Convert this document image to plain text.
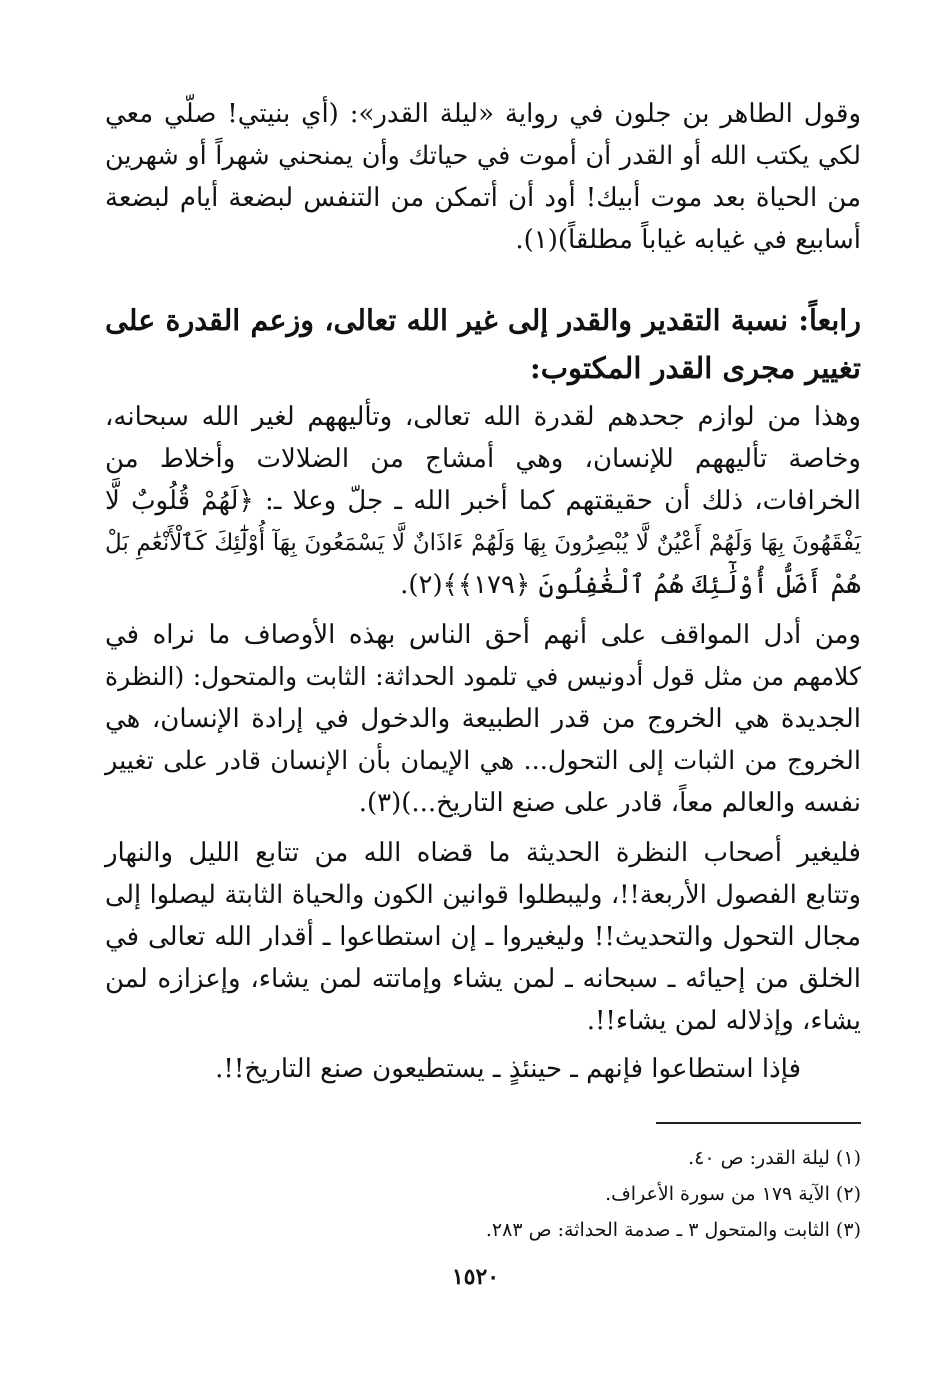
وقول الطاهر بن جلون في رواية «ليلة القدر»: (أي بنيتي! صلّي معي
لكي يكتب الله أو القدر أن أموت في حياتك وأن يمنحني شهراً أو شهرين
من الحياة بعد موت أبيك! أود أن أتمكن من التنفس لبضعة أيام لبضعة
أسابيع في غيابه غياباً مطلقاً)(١).
رابعاً: نسبة التقدير والقدر إلى غير الله تعالى، وزعم القدرة على
تغيير مجرى القدر المكتوب:
وهذا من لوازم جحدهم لقدرة الله تعالى، وتأليههم لغير الله سبحانه،
وخاصة تأليههم للإنسان، وهي أمشاج من الضلالات وأخلاط من
الخرافات، ذلك أن حقيقتهم كما أخبر الله ـ جلّ وعلا ـ: ﴿لَهُمْ قُلُوبٌ لَّا
يَفْقَهُونَ بِهَا وَلَهُمْ أَعْيُنٌ لَّا يُبْصِرُونَ بِهَا وَلَهُمْ ءَاذَانٌ لَّا يَسْمَعُونَ بِهَآ أُوْلَٰٓئِكَ كَٱلْأَنْعَٰمِ بَلْ
هُمْ أَضَلُّ أُوْلَٰٓئِكَ هُمُ ٱلْغَٰفِلُونَ ﴿١٧٩﴾﴾(٢).
ومن أدل المواقف على أنهم أحق الناس بهذه الأوصاف ما نراه في
كلامهم من مثل قول أدونيس في تلمود الحداثة: الثابت والمتحول: (النظرة
الجديدة هي الخروج من قدر الطبيعة والدخول في إرادة الإنسان، هي
الخروج من الثبات إلى التحول... هي الإيمان بأن الإنسان قادر على تغيير
نفسه والعالم معاً، قادر على صنع التاريخ...)(٣).
فليغير أصحاب النظرة الحديثة ما قضاه الله من تتابع الليل والنهار
وتتابع الفصول الأربعة!!، وليبطلوا قوانين الكون والحياة الثابتة ليصلوا إلى
مجال التحول والتحديث!! وليغيروا ـ إن استطاعوا ـ أقدار الله تعالى في
الخلق من إحيائه ـ سبحانه ـ لمن يشاء وإماتته لمن يشاء، وإعزازه لمن
يشاء، وإذلاله لمن يشاء!!.
فإذا استطاعوا فإنهم ـ حينئذٍ ـ يستطيعون صنع التاريخ!!.
(١) ليلة القدر: ص ٤٠.
(٢) الآية ١٧٩ من سورة الأعراف.
(٣) الثابت والمتحول ٣ ـ صدمة الحداثة: ص ٢٨٣.
١٥٢٠
